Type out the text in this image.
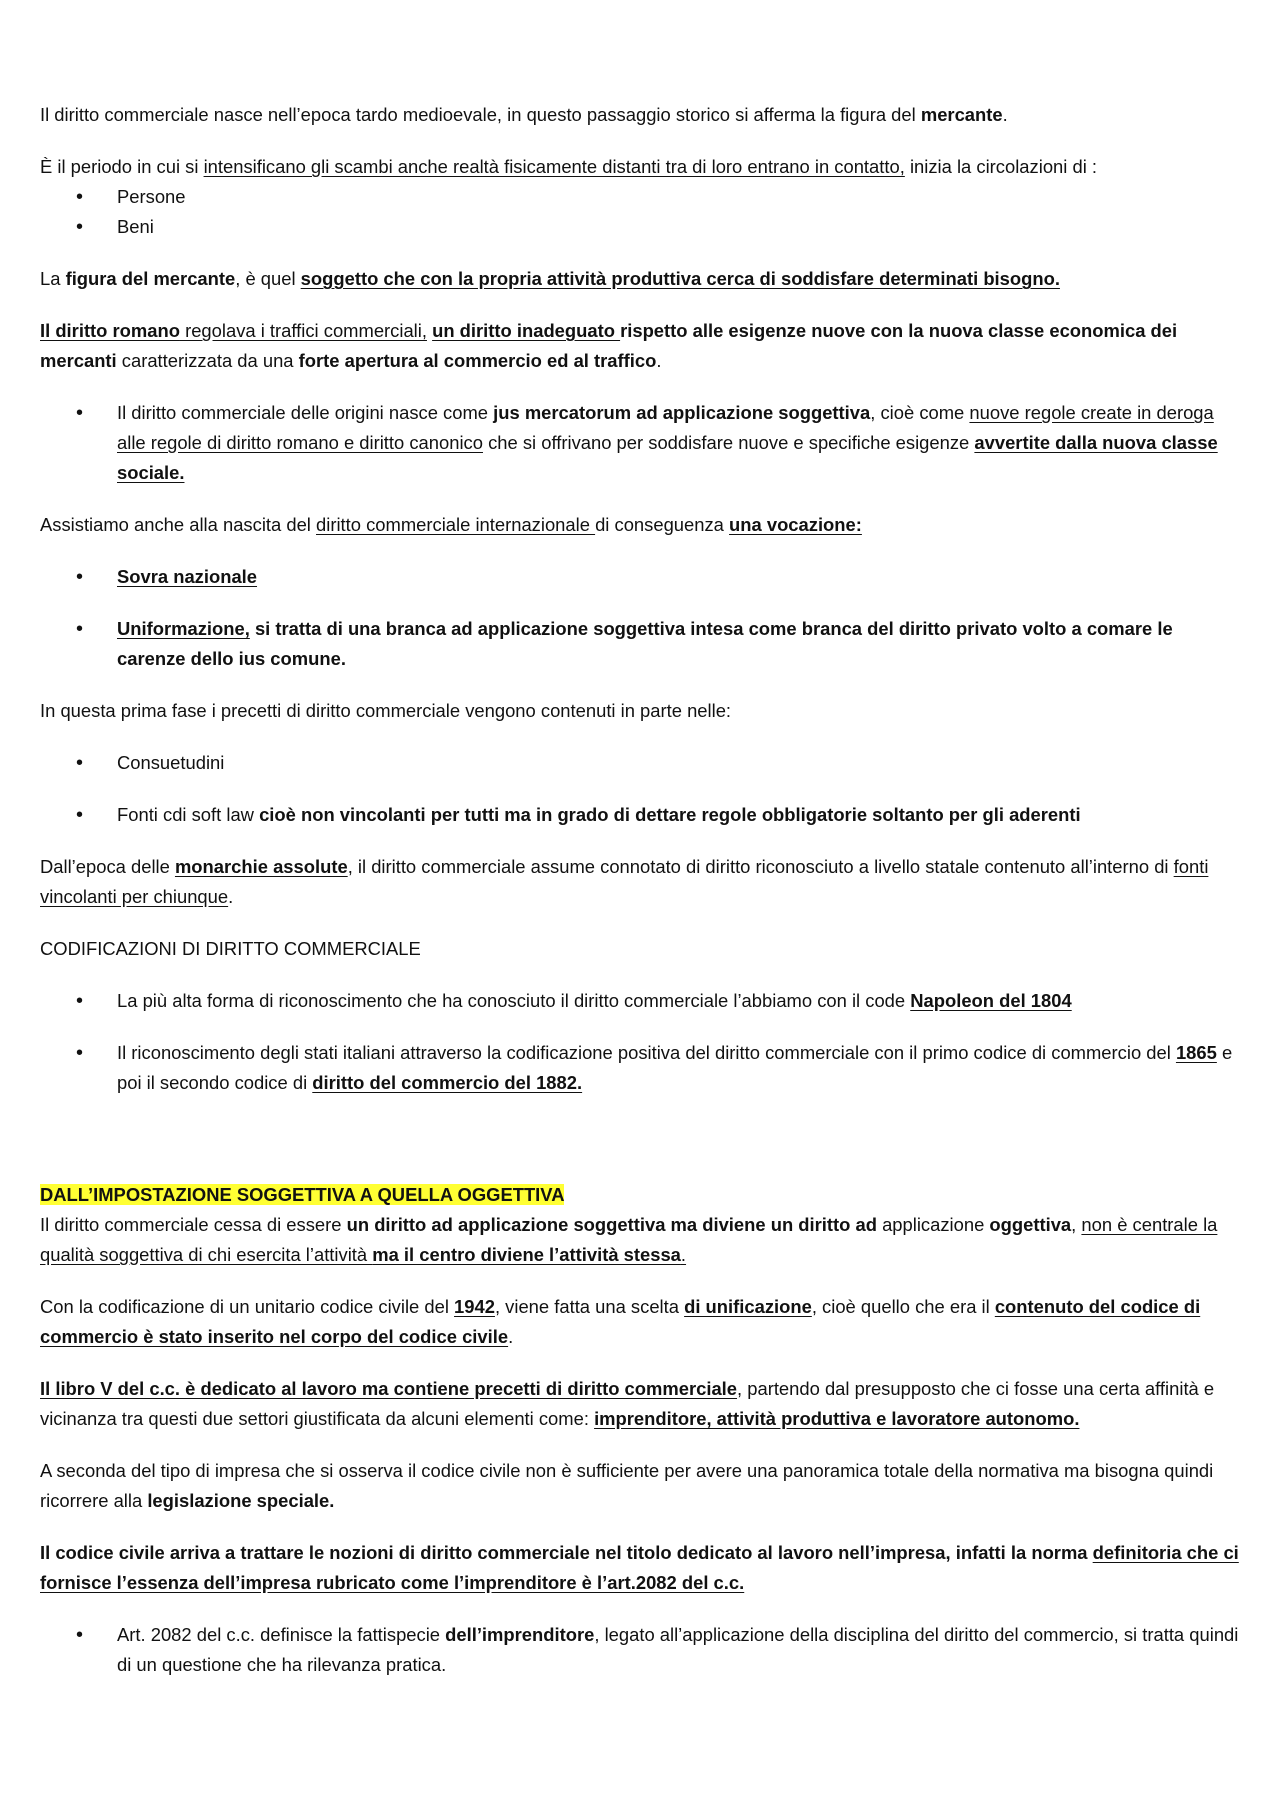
Il diritto commerciale nasce nell’epoca tardo medioevale, in questo passaggio storico si afferma la figura del mercante.

È il periodo in cui si intensificano gli scambi anche realtà fisicamente distanti tra di loro entrano in contatto, inizia la circolazioni di :

• Persone
• Beni

La figura del mercante, è quel soggetto che con la propria attività produttiva cerca di soddisfare determinati bisogno.

Il diritto romano regolava i traffici commerciali, un diritto inadeguato rispetto alle esigenze nuove con la nuova classe economica dei mercanti caratterizzata da una forte apertura al commercio ed al traffico.

• Il diritto commerciale delle origini nasce come jus mercatorum ad applicazione soggettiva, cioè come nuove regole create in deroga alle regole di diritto romano e diritto canonico che si offrivano per soddisfare nuove e specifiche esigenze avvertite dalla nuova classe sociale.

Assistiamo anche alla nascita del diritto commerciale internazionale di conseguenza una vocazione:

• Sovra nazionale
• Uniformazione, si tratta di una branca ad applicazione soggettiva intesa come branca del diritto privato volto a comare le carenze dello ius comune.

In questa prima fase i precetti di diritto commerciale vengono contenuti in parte nelle:

• Consuetudini
• Fonti cdi soft law cioè non vincolanti per tutti ma in grado di dettare regole obbligatorie soltanto per gli aderenti

Dall’epoca delle monarchie assolute, il diritto commerciale assume connotato di diritto riconosciuto a livello statale contenuto all’interno di fonti vincolanti per chiunque.

CODIFICAZIONI DI DIRITTO COMMERCIALE

• La più alta forma di riconoscimento che ha conosciuto il diritto commerciale l’abbiamo con il code Napoleon del 1804
• Il riconoscimento degli stati italiani attraverso la codificazione positiva del diritto commerciale con il primo codice di commercio del 1865 e poi il secondo codice di diritto del commercio del 1882.

DALL’IMPOSTAZIONE SOGGETTIVA A QUELLA OGGETTIVA

Il diritto commerciale cessa di essere un diritto ad applicazione soggettiva ma diviene un diritto ad applicazione oggettiva, non è centrale la qualità soggettiva di chi esercita l’attività ma il centro diviene l’attività stessa.

Con la codificazione di un unitario codice civile del 1942, viene fatta una scelta di unificazione, cioè quello che era il contenuto del codice di commercio è stato inserito nel corpo del codice civile.

Il libro V del c.c. è dedicato al lavoro ma contiene precetti di diritto commerciale, partendo dal presupposto che ci fosse una certa affinità e vicinanza tra questi due settori giustificata da alcuni elementi come: imprenditore, attività produttiva e lavoratore autonomo.

A seconda del tipo di impresa che si osserva il codice civile non è sufficiente per avere una panoramica totale della normativa ma bisogna quindi ricorrere alla legislazione speciale.

Il codice civile arriva a trattare le nozioni di diritto commerciale nel titolo dedicato al lavoro nell’impresa, infatti la norma definitoria che ci fornisce l’essenza dell’impresa rubricato come l’imprenditore è l’art.2082 del c.c.

• Art. 2082 del c.c. definisce la fattispecie dell’imprenditore, legato all’applicazione della disciplina del diritto del commercio, si tratta quindi di un questione che ha rilevanza pratica.
